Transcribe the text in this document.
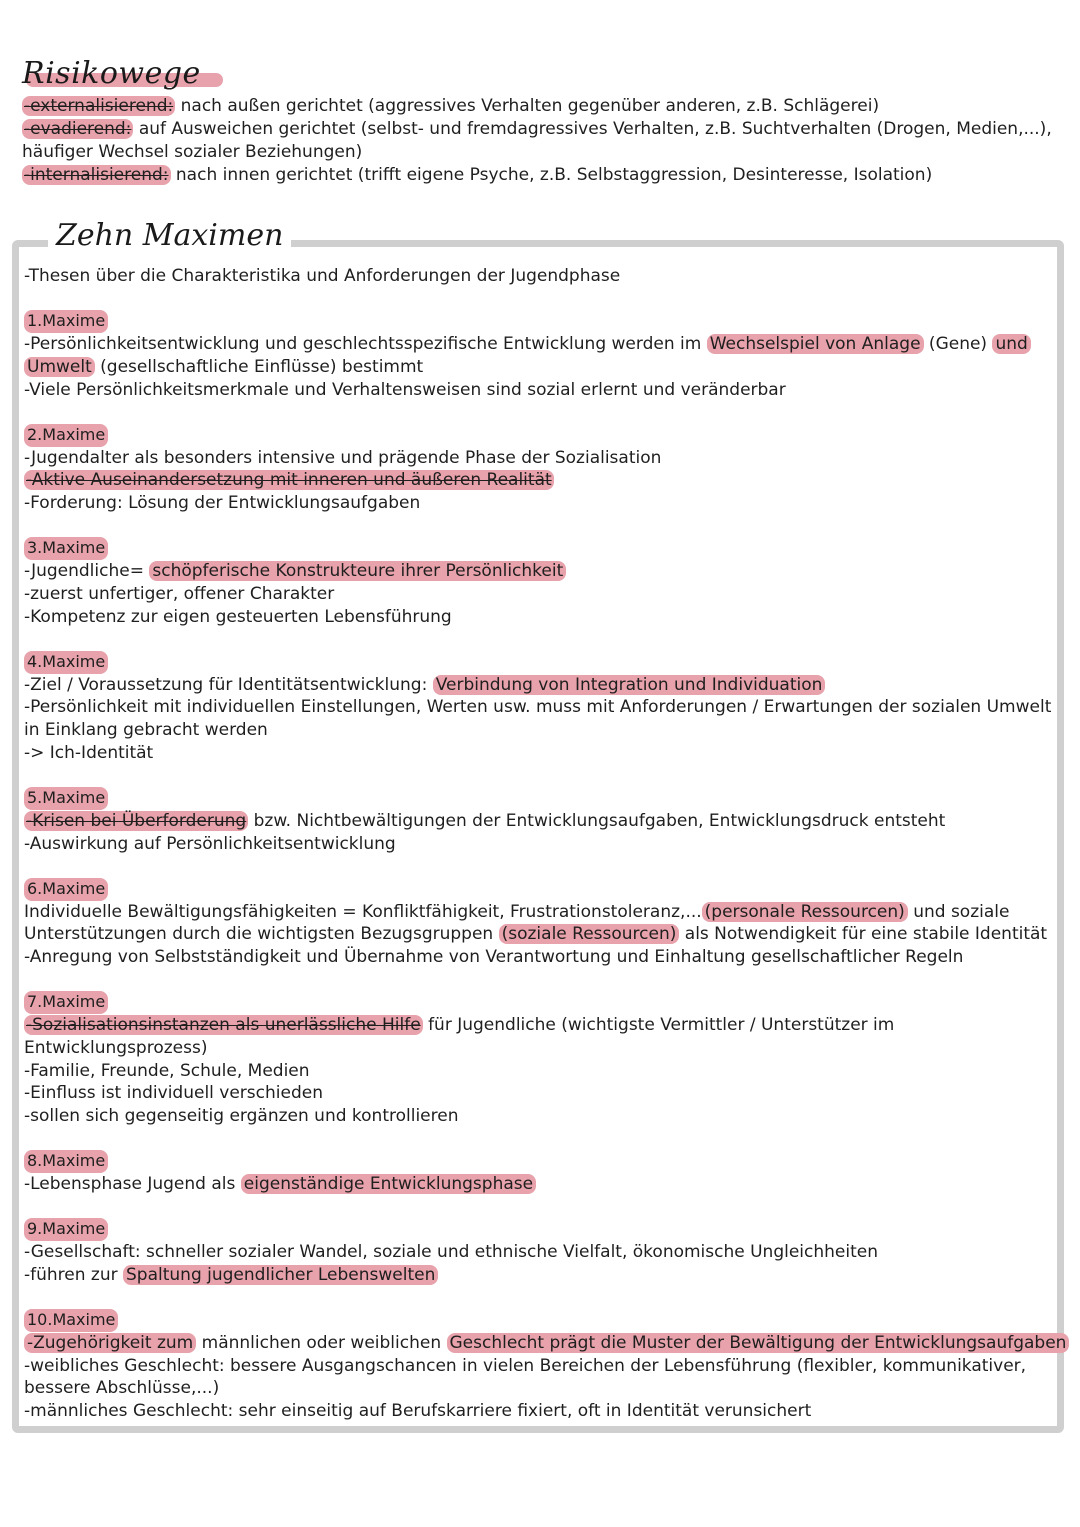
Risikowege
-externalisierend: nach außen gerichtet (aggressives Verhalten gegenüber anderen, z.B. Schlägerei)
-evadierend: auf Ausweichen gerichtet (selbst- und fremdagressives Verhalten, z.B. Suchtverhalten (Drogen, Medien,...),
häufiger Wechsel sozialer Beziehungen)
-internalisierend: nach innen gerichtet (trifft eigene Psyche, z.B. Selbstaggression, Desinteresse, Isolation)
Zehn Maximen
-Thesen über die Charakteristika und Anforderungen der Jugendphase
1.Maxime
-Persönlichkeitsentwicklung und geschlechtsspezifische Entwicklung werden im Wechselspiel von Anlage (Gene) und
Umwelt (gesellschaftliche Einflüsse) bestimmt
-Viele Persönlichkeitsmerkmale und Verhaltensweisen sind sozial erlernt und veränderbar
2.Maxime
-Jugendalter als besonders intensive und prägende Phase der Sozialisation
-Aktive Auseinandersetzung mit inneren und äußeren Realität
-Forderung: Lösung der Entwicklungsaufgaben
3.Maxime
-Jugendliche= schöpferische Konstrukteure ihrer Persönlichkeit
-zuerst unfertiger, offener Charakter
-Kompetenz zur eigen gesteuerten Lebensführung
4.Maxime
-Ziel / Voraussetzung für Identitätsentwicklung: Verbindung von Integration und Individuation
-Persönlichkeit mit individuellen Einstellungen, Werten usw. muss mit Anforderungen / Erwartungen der sozialen Umwelt
in Einklang gebracht werden
-> Ich-Identität
5.Maxime
-Krisen bei Überforderung bzw. Nichtbewältigungen der Entwicklungsaufgaben, Entwicklungsdruck entsteht
-Auswirkung auf Persönlichkeitsentwicklung
6.Maxime
Individuelle Bewältigungsfähigkeiten = Konfliktfähigkeit, Frustrationstoleranz,... (personale Ressourcen) und soziale
Unterstützungen durch die wichtigsten Bezugsgruppen (soziale Ressourcen) als Notwendigkeit für eine stabile Identität
-Anregung von Selbstständigkeit und Übernahme von Verantwortung und Einhaltung gesellschaftlicher Regeln
7.Maxime
-Sozialisationsinstanzen als unerlässliche Hilfe für Jugendliche (wichtigste Vermittler / Unterstützer im
Entwicklungsprozess)
-Familie, Freunde, Schule, Medien
-Einfluss ist individuell verschieden
-sollen sich gegenseitig ergänzen und kontrollieren
8.Maxime
-Lebensphase Jugend als eigenständige Entwicklungsphase
9.Maxime
-Gesellschaft: schneller sozialer Wandel, soziale und ethnische Vielfalt, ökonomische Ungleichheiten
-führen zur Spaltung jugendlicher Lebenswelten
10.Maxime
-Zugehörigkeit zum männlichen oder weiblichen Geschlecht prägt die Muster der Bewältigung der Entwicklungsaufgaben
-weibliches Geschlecht: bessere Ausgangschancen in vielen Bereichen der Lebensführung (flexibler, kommunikativer,
bessere Abschlüsse,...)
-männliches Geschlecht: sehr einseitig auf Berufskarriere fixiert, oft in Identität verunsichert
